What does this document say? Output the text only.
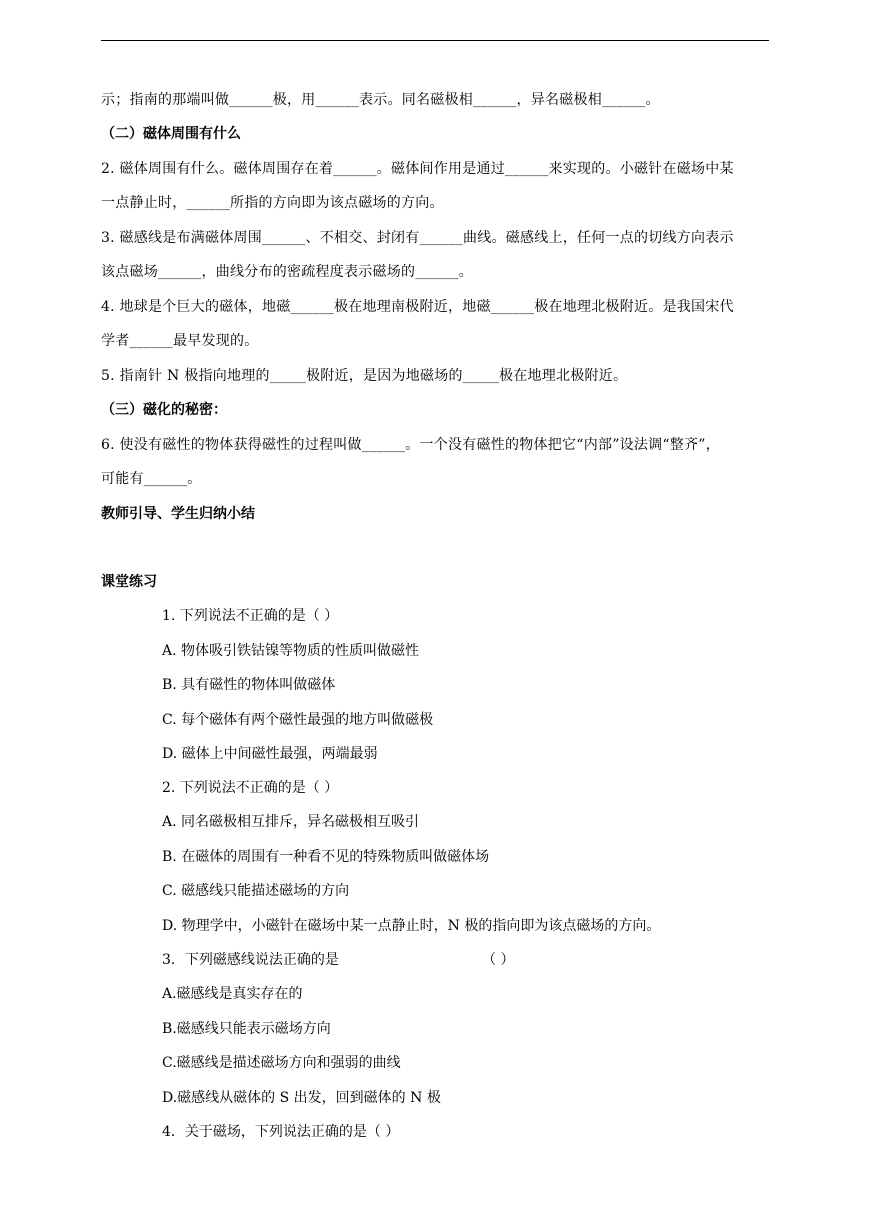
示；指南的那端叫做______极，用______表示。同名磁极相______，异名磁极相______。
（二）磁体周围有什么
2. 磁体周围有什么。磁体周围存在着______。磁体间作用是通过______来实现的。小磁针在磁场中某
一点静止时，______所指的方向即为该点磁场的方向。
3. 磁感线是布满磁体周围______、不相交、封闭有______曲线。磁感线上，任何一点的切线方向表示
该点磁场______，曲线分布的密疏程度表示磁场的______。
4. 地球是个巨大的磁体，地磁______极在地理南极附近，地磁______极在地理北极附近。是我国宋代
学者______最早发现的。
5. 指南针 N 极指向地理的_____极附近，是因为地磁场的_____极在地理北极附近。
（三）磁化的秘密：
6. 使没有磁性的物体获得磁性的过程叫做______。一个没有磁性的物体把它“内部”设法调“整齐”，
可能有______。
教师引导、学生归纳小结
课堂练习
1. 下列说法不正确的是（ ）
A. 物体吸引铁钴镍等物质的性质叫做磁性
B. 具有磁性的物体叫做磁体
C. 每个磁体有两个磁性最强的地方叫做磁极
D. 磁体上中间磁性最强，两端最弱
2. 下列说法不正确的是（ ）
A. 同名磁极相互排斥，异名磁极相互吸引
B. 在磁体的周围有一种看不见的特殊物质叫做磁体场
C. 磁感线只能描述磁场的方向
D. 物理学中，小磁针在磁场中某一点静止时，N 极的指向即为该点磁场的方向。
3．下列磁感线说法正确的是	（ ）
A.磁感线是真实存在的
B.磁感线只能表示磁场方向
C.磁感线是描述磁场方向和强弱的曲线
D.磁感线从磁体的 S 出发，回到磁体的 N 极
4．关于磁场，下列说法正确的是（ ）
